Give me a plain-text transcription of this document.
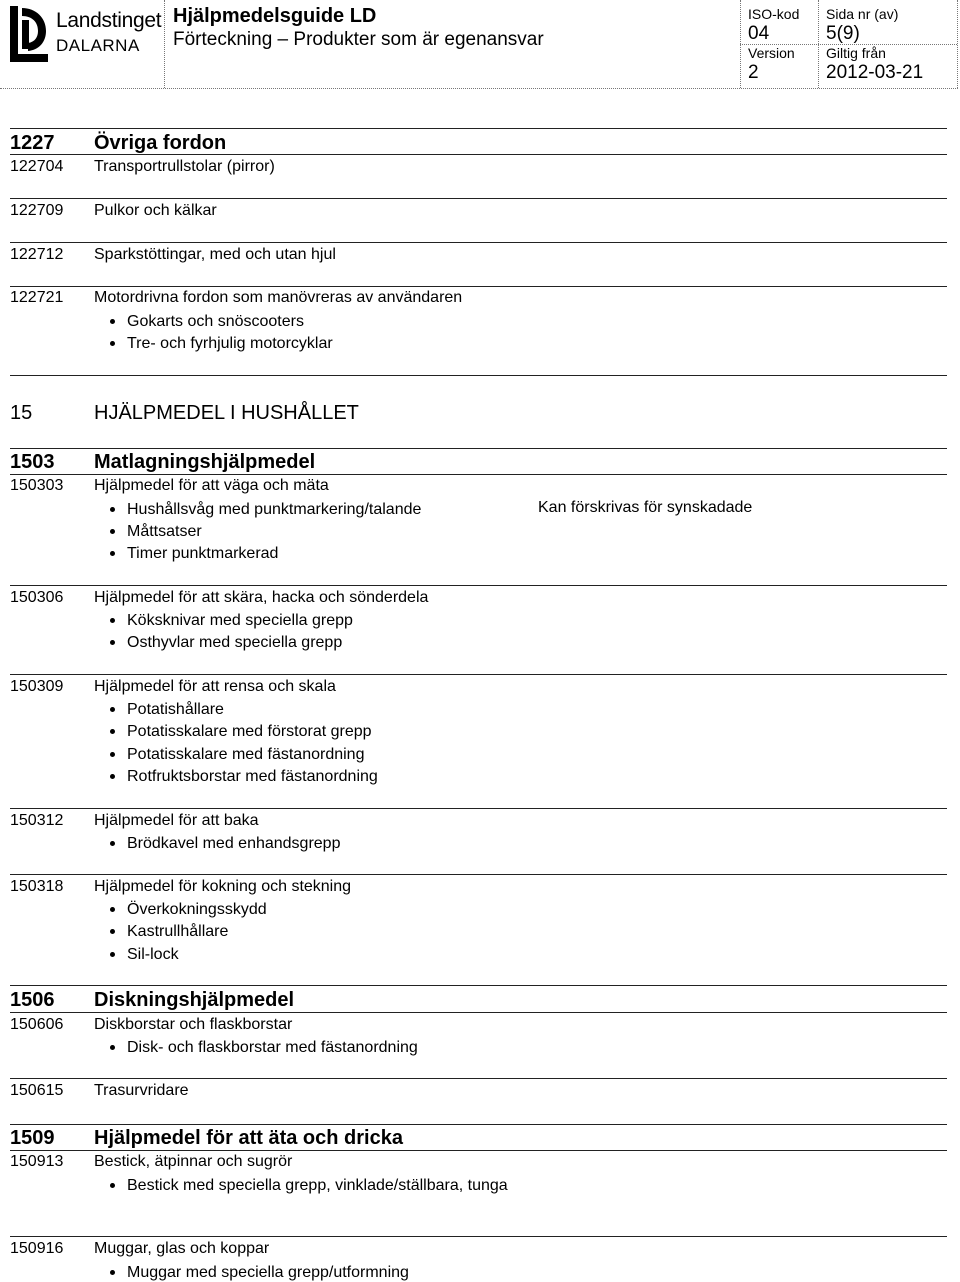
Landstinget
DALARNA
Hjälpmedelsguide LD
Förteckning – Produkter som är egenansvar
ISO-kod
04
Version
2
Sida nr (av)
5(9)
Giltig från
2012-03-21
1227 Övriga fordon
122704 Transportrullstolar (pirror)
122709 Pulkor och kälkar
122712 Sparkstöttingar, med och utan hjul
122721 Motordrivna fordon som manövreras av användaren
Gokarts och snöscooters
Tre- och fyrhjulig motorcyklar
15	HJÄLPMEDEL I HUSHÅLLET
1503 Matlagningshjälpmedel
150303 Hjälpmedel för att väga och mäta
Hushållsvåg med punktmarkering/talande
Måttsatser
Timer punktmarkerad
Kan förskrivas för synskadade
150306 Hjälpmedel för att skära, hacka och sönderdela
Köksknivar med speciella grepp
Osthyvlar med speciella grepp
150309 Hjälpmedel för att rensa och skala
Potatishållare
Potatisskalare med förstorat grepp
Potatisskalare med fästanordning
Rotfruktsborstar med fästanordning
150312 Hjälpmedel för att baka
Brödkavel med enhandsgrepp
150318 Hjälpmedel för kokning och stekning
Överkokningsskydd
Kastrullhållare
Sil-lock
1506 Diskningshjälpmedel
150606 Diskborstar och flaskborstar
Disk- och flaskborstar med fästanordning
150615 Trasurvridare
1509 Hjälpmedel för att äta och dricka
150913 Bestick, ätpinnar och sugrör
Bestick med speciella grepp, vinklade/ställbara, tunga
150916 Muggar, glas och koppar
Muggar med speciella grepp/utformning
